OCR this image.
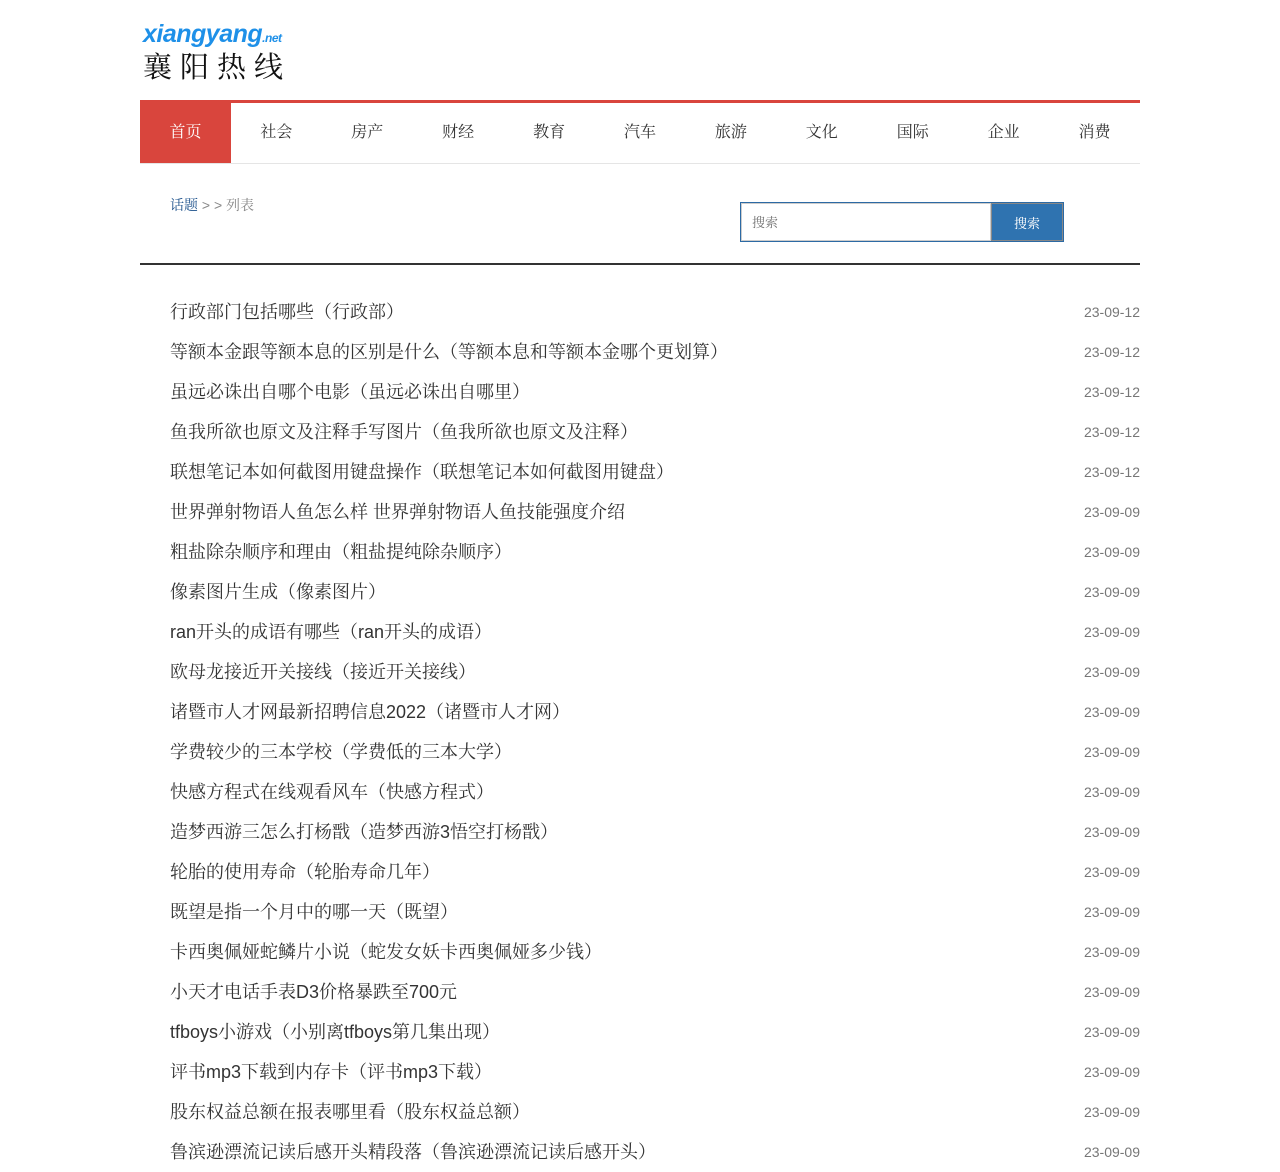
xiangyang.net
襄阳热线
首页	社会	房产	财经	教育	汽车	旅游	文化	国际	企业	消费
话题 > > 列表
搜索
搜索
行政部门包括哪些（行政部）	23-09-12
等额本金跟等额本息的区别是什么（等额本息和等额本金哪个更划算）	23-09-12
虽远必诛出自哪个电影（虽远必诛出自哪里）	23-09-12
鱼我所欲也原文及注释手写图片（鱼我所欲也原文及注释）	23-09-12
联想笔记本如何截图用键盘操作（联想笔记本如何截图用键盘）	23-09-12
世界弹射物语人鱼怎么样 世界弹射物语人鱼技能强度介绍	23-09-09
粗盐除杂顺序和理由（粗盐提纯除杂顺序）	23-09-09
像素图片生成（像素图片）	23-09-09
ran开头的成语有哪些（ran开头的成语）	23-09-09
欧母龙接近开关接线（接近开关接线）	23-09-09
诸暨市人才网最新招聘信息2022（诸暨市人才网）	23-09-09
学费较少的三本学校（学费低的三本大学）	23-09-09
快感方程式在线观看风车（快感方程式）	23-09-09
造梦西游三怎么打杨戬（造梦西游3悟空打杨戬）	23-09-09
轮胎的使用寿命（轮胎寿命几年）	23-09-09
既望是指一个月中的哪一天（既望）	23-09-09
卡西奥佩娅蛇鳞片小说（蛇发女妖卡西奥佩娅多少钱）	23-09-09
小天才电话手表D3价格暴跌至700元	23-09-09
tfboys小游戏（小别离tfboys第几集出现）	23-09-09
评书mp3下载到内存卡（评书mp3下载）	23-09-09
股东权益总额在报表哪里看（股东权益总额）	23-09-09
鲁滨逊漂流记读后感开头精段落（鲁滨逊漂流记读后感开头）	23-09-09
